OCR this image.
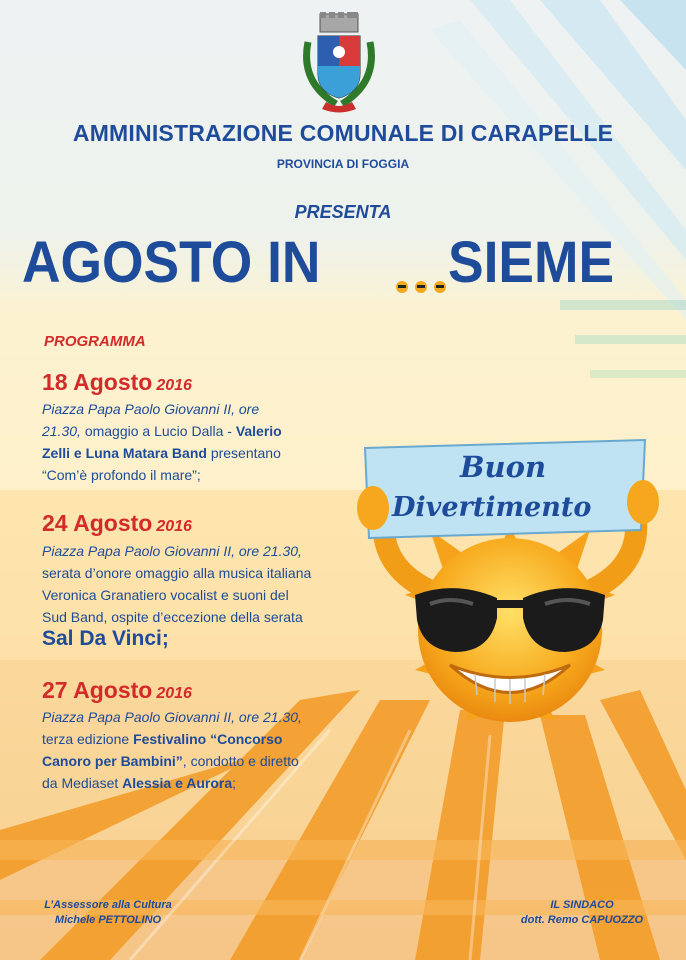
AMMINISTRAZIONE COMUNALE DI CARAPELLE
PROVINCIA DI FOGGIA
PRESENTA
AGOSTO IN SIEME
PROGRAMMA
18 Agosto 2016
Piazza Papa Paolo Giovanni II, ore
21.30, omaggio a Lucio Dalla - Valerio
Zelli e Luna Matara Band presentano
“Com’è profondo il mare”;
24 Agosto 2016
Piazza Papa Paolo Giovanni II, ore 21.30,
serata d’onore omaggio alla musica italiana
Veronica Granatiero vocalist e suoni del
Sud Band, ospite d’eccezione della serata
Sal Da Vinci;
27 Agosto 2016
Piazza Papa Paolo Giovanni II, ore 21.30,
terza edizione Festivalino “Concorso
Canoro per Bambini”, condotto e diretto
da Mediaset Alessia e Aurora;
Buon
Divertimento
L’Assessore alla Cultura
Michele PETTOLINO
IL SINDACO
dott. Remo CAPUOZZO
